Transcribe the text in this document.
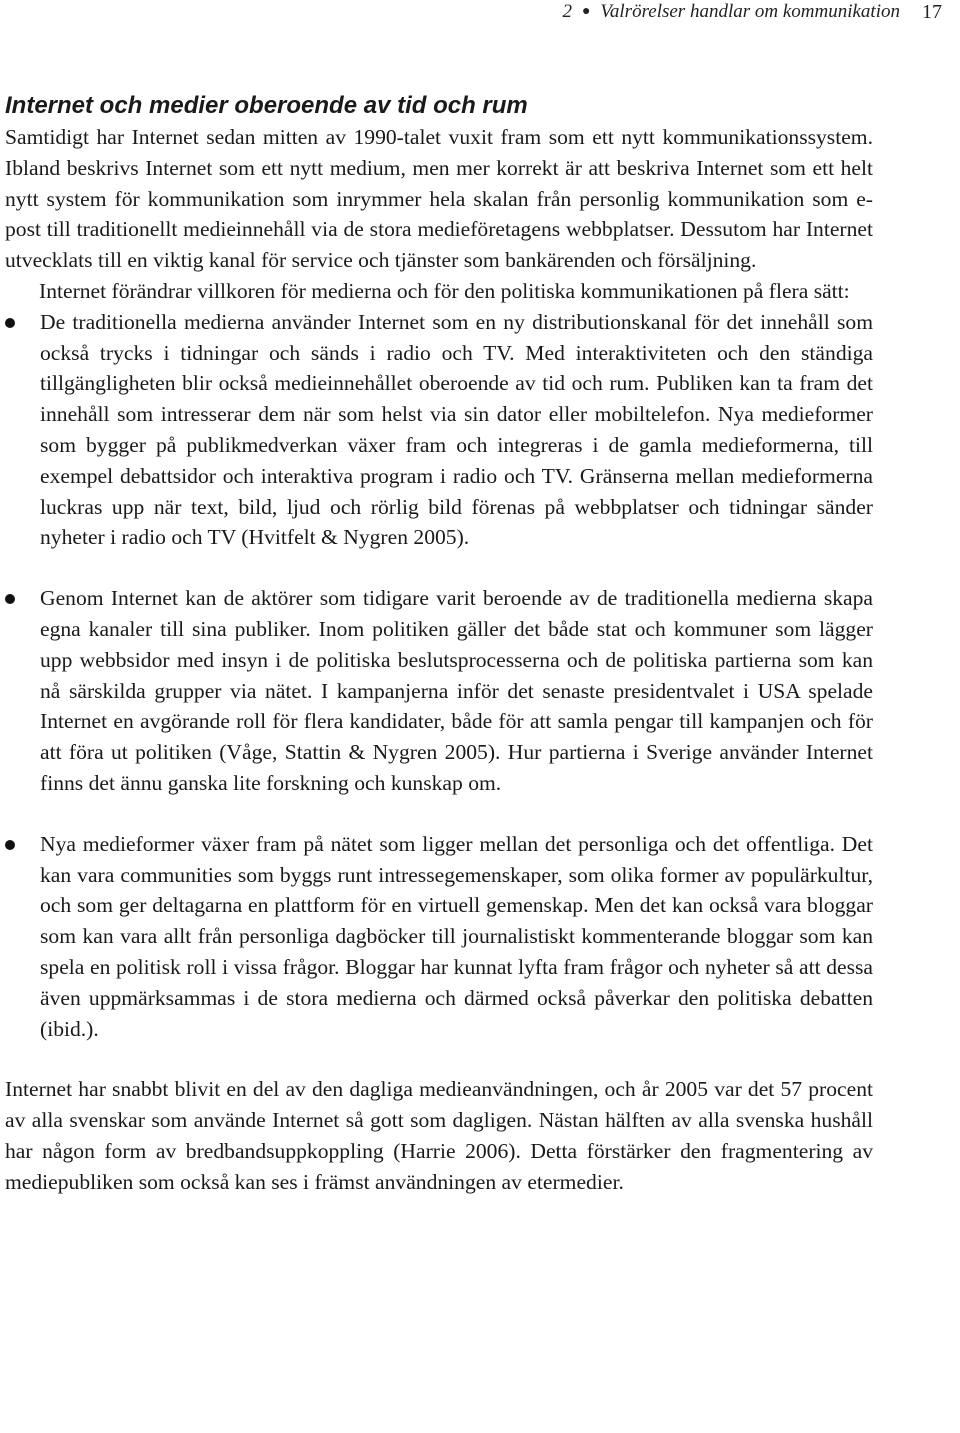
2 ● Valrörelser handlar om kommunikation 17
Internet och medier oberoende av tid och rum

Samtidigt har Internet sedan mitten av 1990-talet vuxit fram som ett nytt kommunikationssystem. Ibland beskrivs Internet som ett nytt medium, men mer korrekt är att beskriva Internet som ett helt nytt system för kommunikation som inrymmer hela skalan från personlig kommunikation som e-post till traditionellt medieinnehåll via de stora medieföretagens webbplatser. Dessutom har Internet utvecklats till en viktig kanal för service och tjänster som bankärenden och försäljning.

Internet förändrar villkoren för medierna och för den politiska kommunikationen på flera sätt:

De traditionella medierna använder Internet som en ny distributionskanal för det innehåll som också trycks i tidningar och sänds i radio och TV. Med interaktiviteten och den ständiga tillgängligheten blir också medieinnehållet oberoende av tid och rum. Publiken kan ta fram det innehåll som intresserar dem när som helst via sin dator eller mobiltelefon. Nya medieformer som bygger på publikmedverkan växer fram och integreras i de gamla medieformerna, till exempel debattsidor och interaktiva program i radio och TV. Gränserna mellan medieformerna luckras upp när text, bild, ljud och rörlig bild förenas på webbplatser och tidningar sänder nyheter i radio och TV (Hvitfelt & Nygren 2005).

Genom Internet kan de aktörer som tidigare varit beroende av de traditionella medierna skapa egna kanaler till sina publiker. Inom politiken gäller det både stat och kommuner som lägger upp webbsidor med insyn i de politiska beslutsprocesserna och de politiska partierna som kan nå särskilda grupper via nätet. I kampanjerna inför det senaste presidentvalet i USA spelade Internet en avgörande roll för flera kandidater, både för att samla pengar till kampanjen och för att föra ut politiken (Våge, Stattin & Nygren 2005). Hur partierna i Sverige använder Internet finns det ännu ganska lite forskning och kunskap om.

Nya medieformer växer fram på nätet som ligger mellan det personliga och det offentliga. Det kan vara communities som byggs runt intressegemenskaper, som olika former av populärkultur, och som ger deltagarna en plattform för en virtuell gemenskap. Men det kan också vara bloggar som kan vara allt från personliga dagböcker till journalistiskt kommenterande bloggar som kan spela en politisk roll i vissa frågor. Bloggar har kunnat lyfta fram frågor och nyheter så att dessa även uppmärksammas i de stora medierna och därmed också påverkar den politiska debatten (ibid.).

Internet har snabbt blivit en del av den dagliga medieanvändningen, och år 2005 var det 57 procent av alla svenskar som använde Internet så gott som dagligen. Nästan hälften av alla svenska hushåll har någon form av bredbandsuppkoppling (Harrie 2006). Detta förstärker den fragmentering av mediepubliken som också kan ses i främst användningen av etermedier.
